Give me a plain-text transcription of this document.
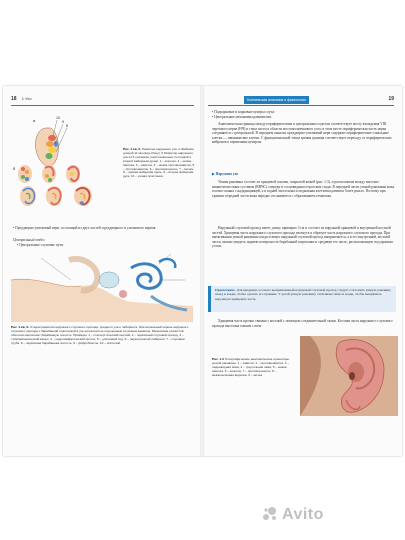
18 1 Ухо
10
9
8
а
б
Рис. 1.1в, б. Развитие наружного уха. а Эмбрион длиной 11 мм (вид сбоку). б Развитие наружного уха из 6 холмиков, расположенных по первой и второй жаберным дугам. 1 – козелок, 2 – ножка завитка, 3 – завиток, 4 – ножка противозавитка, 5 – противозавиток, 6 – противокозелок, 7 – мочка, 8 – первая жаберная щель, 9 – вторая жаберная дуга, 10 – ушная пластинка.
• Преддверно-улитковый нерв, состоящий из двух частей: преддверного и улиткового нервов.
Центральный отдел
• Центральные слуховые пути.
Рис. 1.2в, б. Стадии развития наружного слухового прохода, среднего уха и лабиринта. Эпителиальный корень наружного слухового прохода с барабанной пластинкой в ухе неполностью отделенным слуховым каналом. Мезенхима слизистой оболочки выполняет барабанную полость. Примеры: 1 – статокустический ганглий, 2 – первичный слуховой проход, 3 – тубатимпанический канал, 4 – эндолимфатический проток, 5 – улитковый ход, 6 – перепончатый лабиринт, 7 – слуховая труба, 8 – первичная барабанная полость, 9 – фибробласты, 10 – эпителий.
Клиническая анатомия и физиология	19
• Подкорковые и корковые центры слуха.
• Центральные механизмы равновесия.
Анатомическая граница между периферическим и центральным отделом соответствует месту вхождения VIII черепного нерва (НЧ) в ствол мозга в области мостомозжечкового угла; в этом месте периферическая часть нерва соединяется с центральной. В переднем каналах преддверно-улитковый нерв содержит периферические глиальные клетки — шванновские клетки. С функциональной точки зрения граница соответствует переходу от периферических нейронов к первичным центрам.
▶ Наружное ухо
Ушная раковина состоит из хрящевой основы, покрытой кожей (рис. 1.3), и расположена между височно-нижнечелюстным суставом (ВНЧС) спереди и сосцевидным отростком сзади. В передней части ушной раковины кожа плотно спаяна с надхрящницей, а в задней части кожа и подкожная клетчатка развиты более рыхло. Поэтому при травмах передней части кожа нередко отслаивается с образованием гематомы.
Наружный слуховой проход имеет длину примерно 3 см и состоит из наружной хрящевой и внутренней костной частей. Хрящевая часть наружного слухового прохода изогнута и образует часть наружного слухового прохода. При вытягивании ушной раковины кзади и вверх наружный слуховой проход выпрямляется, а в его внутренней, костной части, можно увидеть заднюю поверхность барабанной перепонки и среднюю его часть, расположенную под прямым углом.
Примечание. Для введения отоскопа выпрямленный наружный слуховой проход следует отклонить ушную раковину назад и кзади, чтобы сделать его прямым. У детей ушную раковину оттягивают вниз и кзади, чтобы выпрямить наружную хрящевую часть.
Хрящевая часть прочно связана с костной с помощью соединительной ткани. Костная часть наружного слухового прохода выстлана тонким слоем
Рис. 1.3 Топографические анатомические ориентиры ушной раковины. 1 – завиток, 2 – противозавиток, 3 – ладьевидная ямка, 4 – треугольная ямка, 5 – ножка завитка, 6 – козелок, 7 – противокозелок, 8 – межкозелковая вырезка, 9 – мочка.
Avito
